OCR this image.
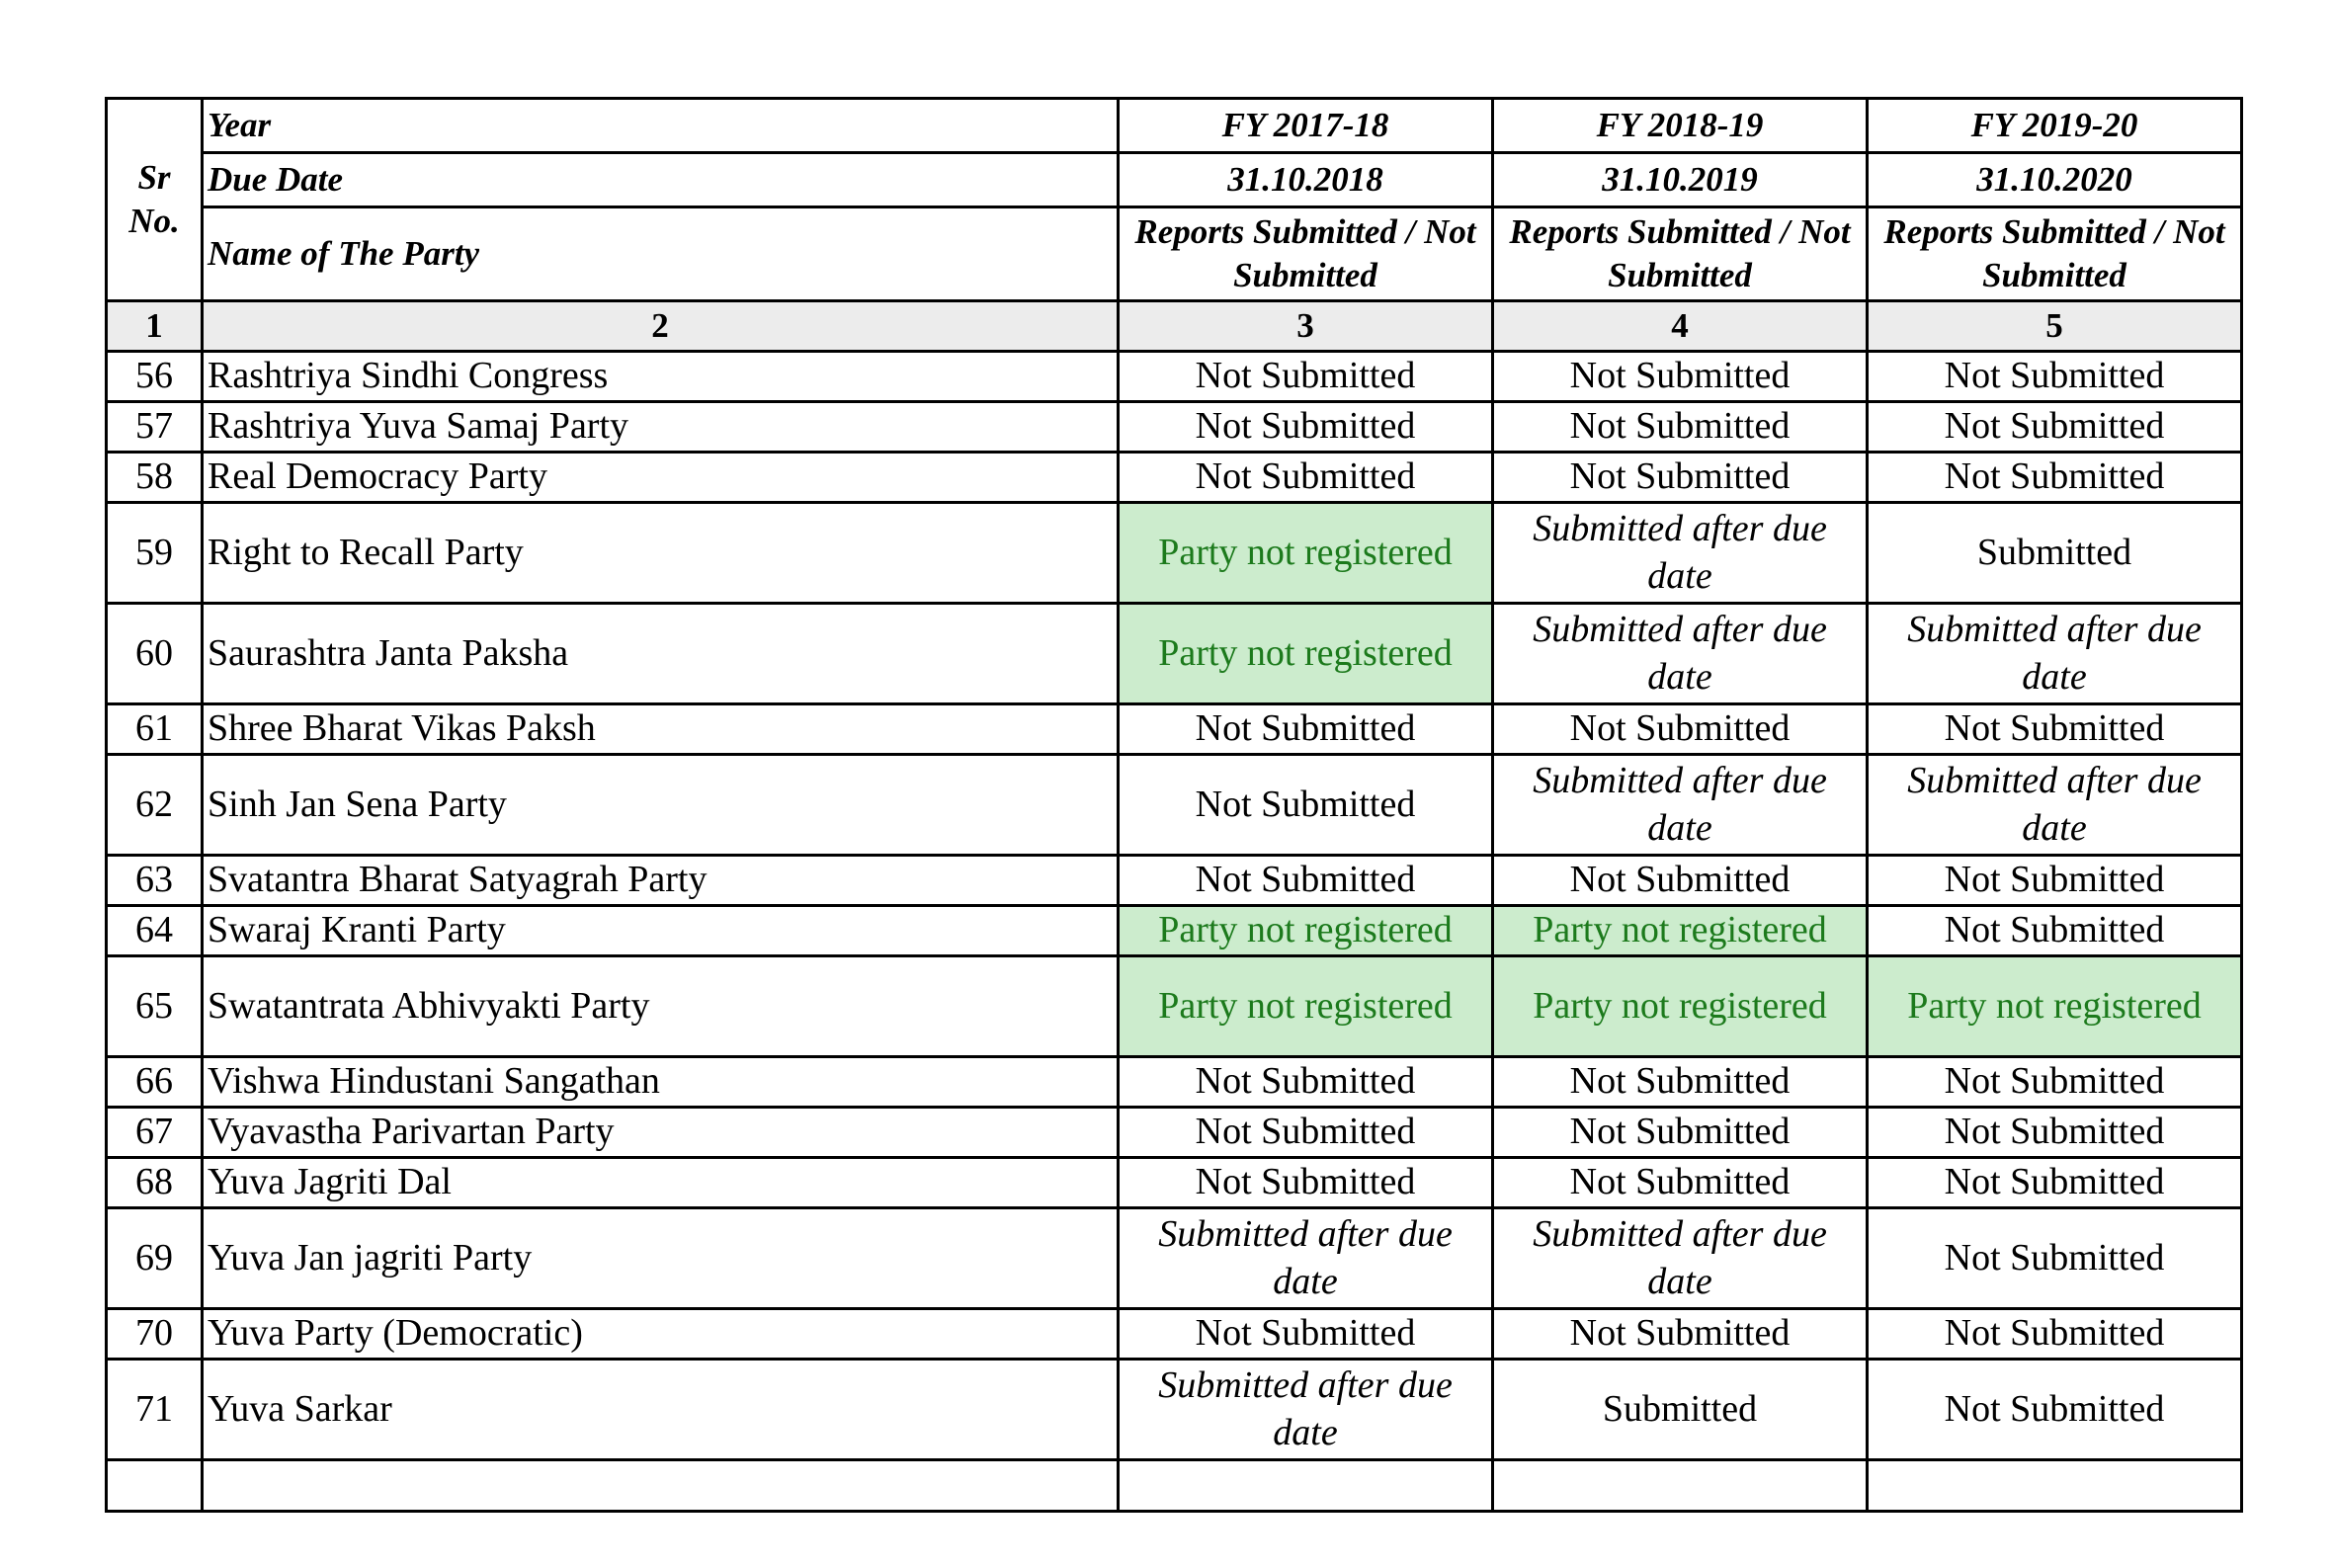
Sr No.	Year	FY 2017-18	FY 2018-19	FY 2019-20
	Due Date	31.10.2018	31.10.2019	31.10.2020
	Name of The Party	Reports Submitted / Not Submitted	Reports Submitted / Not Submitted	Reports Submitted / Not Submitted
1	2	3	4	5
56	Rashtriya Sindhi Congress	Not Submitted	Not Submitted	Not Submitted
57	Rashtriya Yuva Samaj Party	Not Submitted	Not Submitted	Not Submitted
58	Real Democracy Party	Not Submitted	Not Submitted	Not Submitted
59	Right to Recall Party	Party not registered	Submitted after due date	Submitted
60	Saurashtra Janta Paksha	Party not registered	Submitted after due date	Submitted after due date
61	Shree Bharat Vikas Paksh	Not Submitted	Not Submitted	Not Submitted
62	Sinh Jan Sena Party	Not Submitted	Submitted after due date	Submitted after due date
63	Svatantra Bharat Satyagrah Party	Not Submitted	Not Submitted	Not Submitted
64	Swaraj Kranti Party	Party not registered	Party not registered	Not Submitted
65	Swatantrata Abhivyakti Party	Party not registered	Party not registered	Party not registered
66	Vishwa Hindustani Sangathan	Not Submitted	Not Submitted	Not Submitted
67	Vyavastha Parivartan Party	Not Submitted	Not Submitted	Not Submitted
68	Yuva Jagriti Dal	Not Submitted	Not Submitted	Not Submitted
69	Yuva Jan jagriti Party	Submitted after due date	Submitted after due date	Not Submitted
70	Yuva Party (Democratic)	Not Submitted	Not Submitted	Not Submitted
71	Yuva Sarkar	Submitted after due date	Submitted	Not Submitted
